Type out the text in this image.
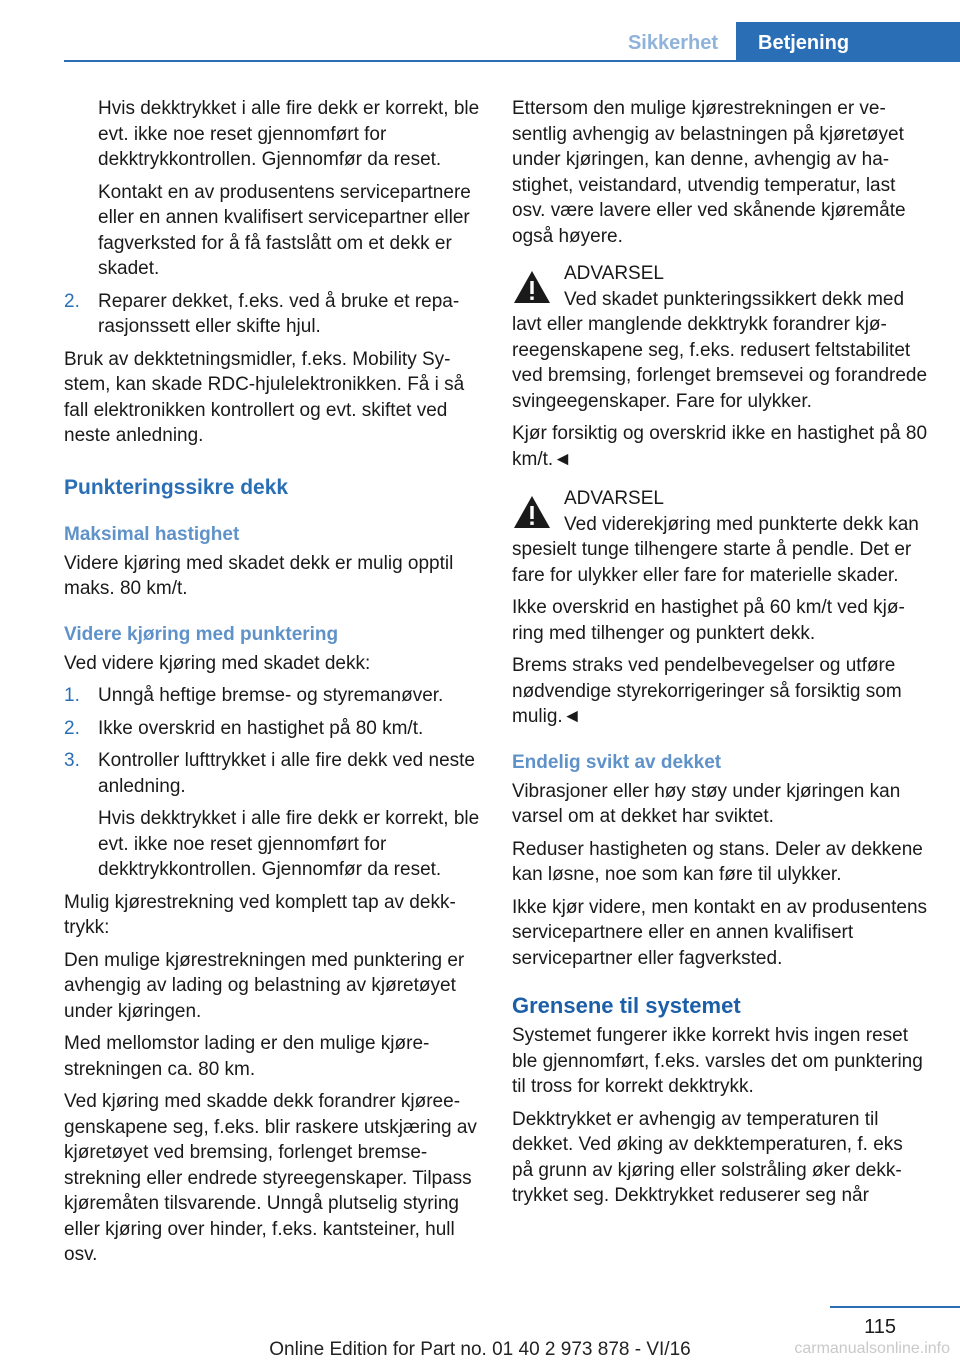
Sikkerhet	Betjening

Hvis dekktrykket i alle fire dekk er korrekt, ble evt. ikke noe reset gjennomført for dekktrykkontrollen. Gjennomfør da reset.

Kontakt en av produsentens servicepartnere eller en annen kvalifisert servicepartner eller fagverksted for å få fastslått om et dekk er skadet.

2. Reparer dekket, f.eks. ved å bruke et reparasjonssett eller skifte hjul.

Bruk av dekktetningsmidler, f.eks. Mobility System, kan skade RDC-hjulelektronikken. Få i så fall elektronikken kontrollert og evt. skiftet ved neste anledning.

Punkteringssikre dekk
Maksimal hastighet

Videre kjøring med skadet dekk er mulig opptil maks. 80 km/t.

Videre kjøring med punktering

Ved videre kjøring med skadet dekk:

1. Unngå heftige bremse- og styremanøver.
2. Ikke overskrid en hastighet på 80 km/t.
3. Kontroller lufttrykket i alle fire dekk ved neste anledning.

Hvis dekktrykket i alle fire dekk er korrekt, ble evt. ikke noe reset gjennomført for dekktrykkontrollen. Gjennomfør da reset.

Mulig kjørestrekning ved komplett tap av dekktrykk:

Den mulige kjørestrekningen med punktering er avhengig av lading og belastning av kjøretøyet under kjøringen.

Med mellomstor lading er den mulige kjørestrekningen ca. 80 km.

Ved kjøring med skadde dekk forandrer kjøreegenskapene seg, f.eks. blir raskere utskjæring av kjøretøyet ved bremsing, forlenget bremsestrekning eller endrede styreegenskaper. Tilpass kjøremåten tilsvarende. Unngå plutselig styring eller kjøring over hinder, f.eks. kantsteiner, hull osv.

Ettersom den mulige kjørestrekningen er vesentlig avhengig av belastningen på kjøretøyet under kjøringen, kan denne, avhengig av hastighet, veistandard, utvendig temperatur, last osv. være lavere eller ved skånende kjøremåte også høyere.

ADVARSEL
Ved skadet punkteringssikkert dekk med lavt eller manglende dekktrykk forandrer kjøreegenskapene seg, f.eks. redusert feltstabilitet ved bremsing, forlenget bremsevei og forandrede svingeegenskaper. Fare for ulykker.

Kjør forsiktig og overskrid ikke en hastighet på 80 km/t.◄

ADVARSEL
Ved viderekjøring med punkterte dekk kan spesielt tunge tilhengere starte å pendle. Det er fare for ulykker eller fare for materielle skader.

Ikke overskrid en hastighet på 60 km/t ved kjøring med tilhenger og punktert dekk.

Brems straks ved pendelbevegelser og utføre nødvendige styrekorrigeringer så forsiktig som mulig.◄

Endelig svikt av dekket

Vibrasjoner eller høy støy under kjøringen kan varsel om at dekket har sviktet.

Reduser hastigheten og stans. Deler av dekkene kan løsne, noe som kan føre til ulykker.

Ikke kjør videre, men kontakt en av produsentens servicepartnere eller en annen kvalifisert servicepartner eller fagverksted.

Grensene til systemet

Systemet fungerer ikke korrekt hvis ingen reset ble gjennomført, f.eks. varsles det om punktering til tross for korrekt dekktrykk.

Dekktrykket er avhengig av temperaturen til dekket. Ved øking av dekktemperaturen, f. eks på grunn av kjøring eller solstråling øker dekktrykket seg. Dekktrykket reduserer seg når

115
Online Edition for Part no. 01 40 2 973 878 - VI/16	carmanualsonline.info
